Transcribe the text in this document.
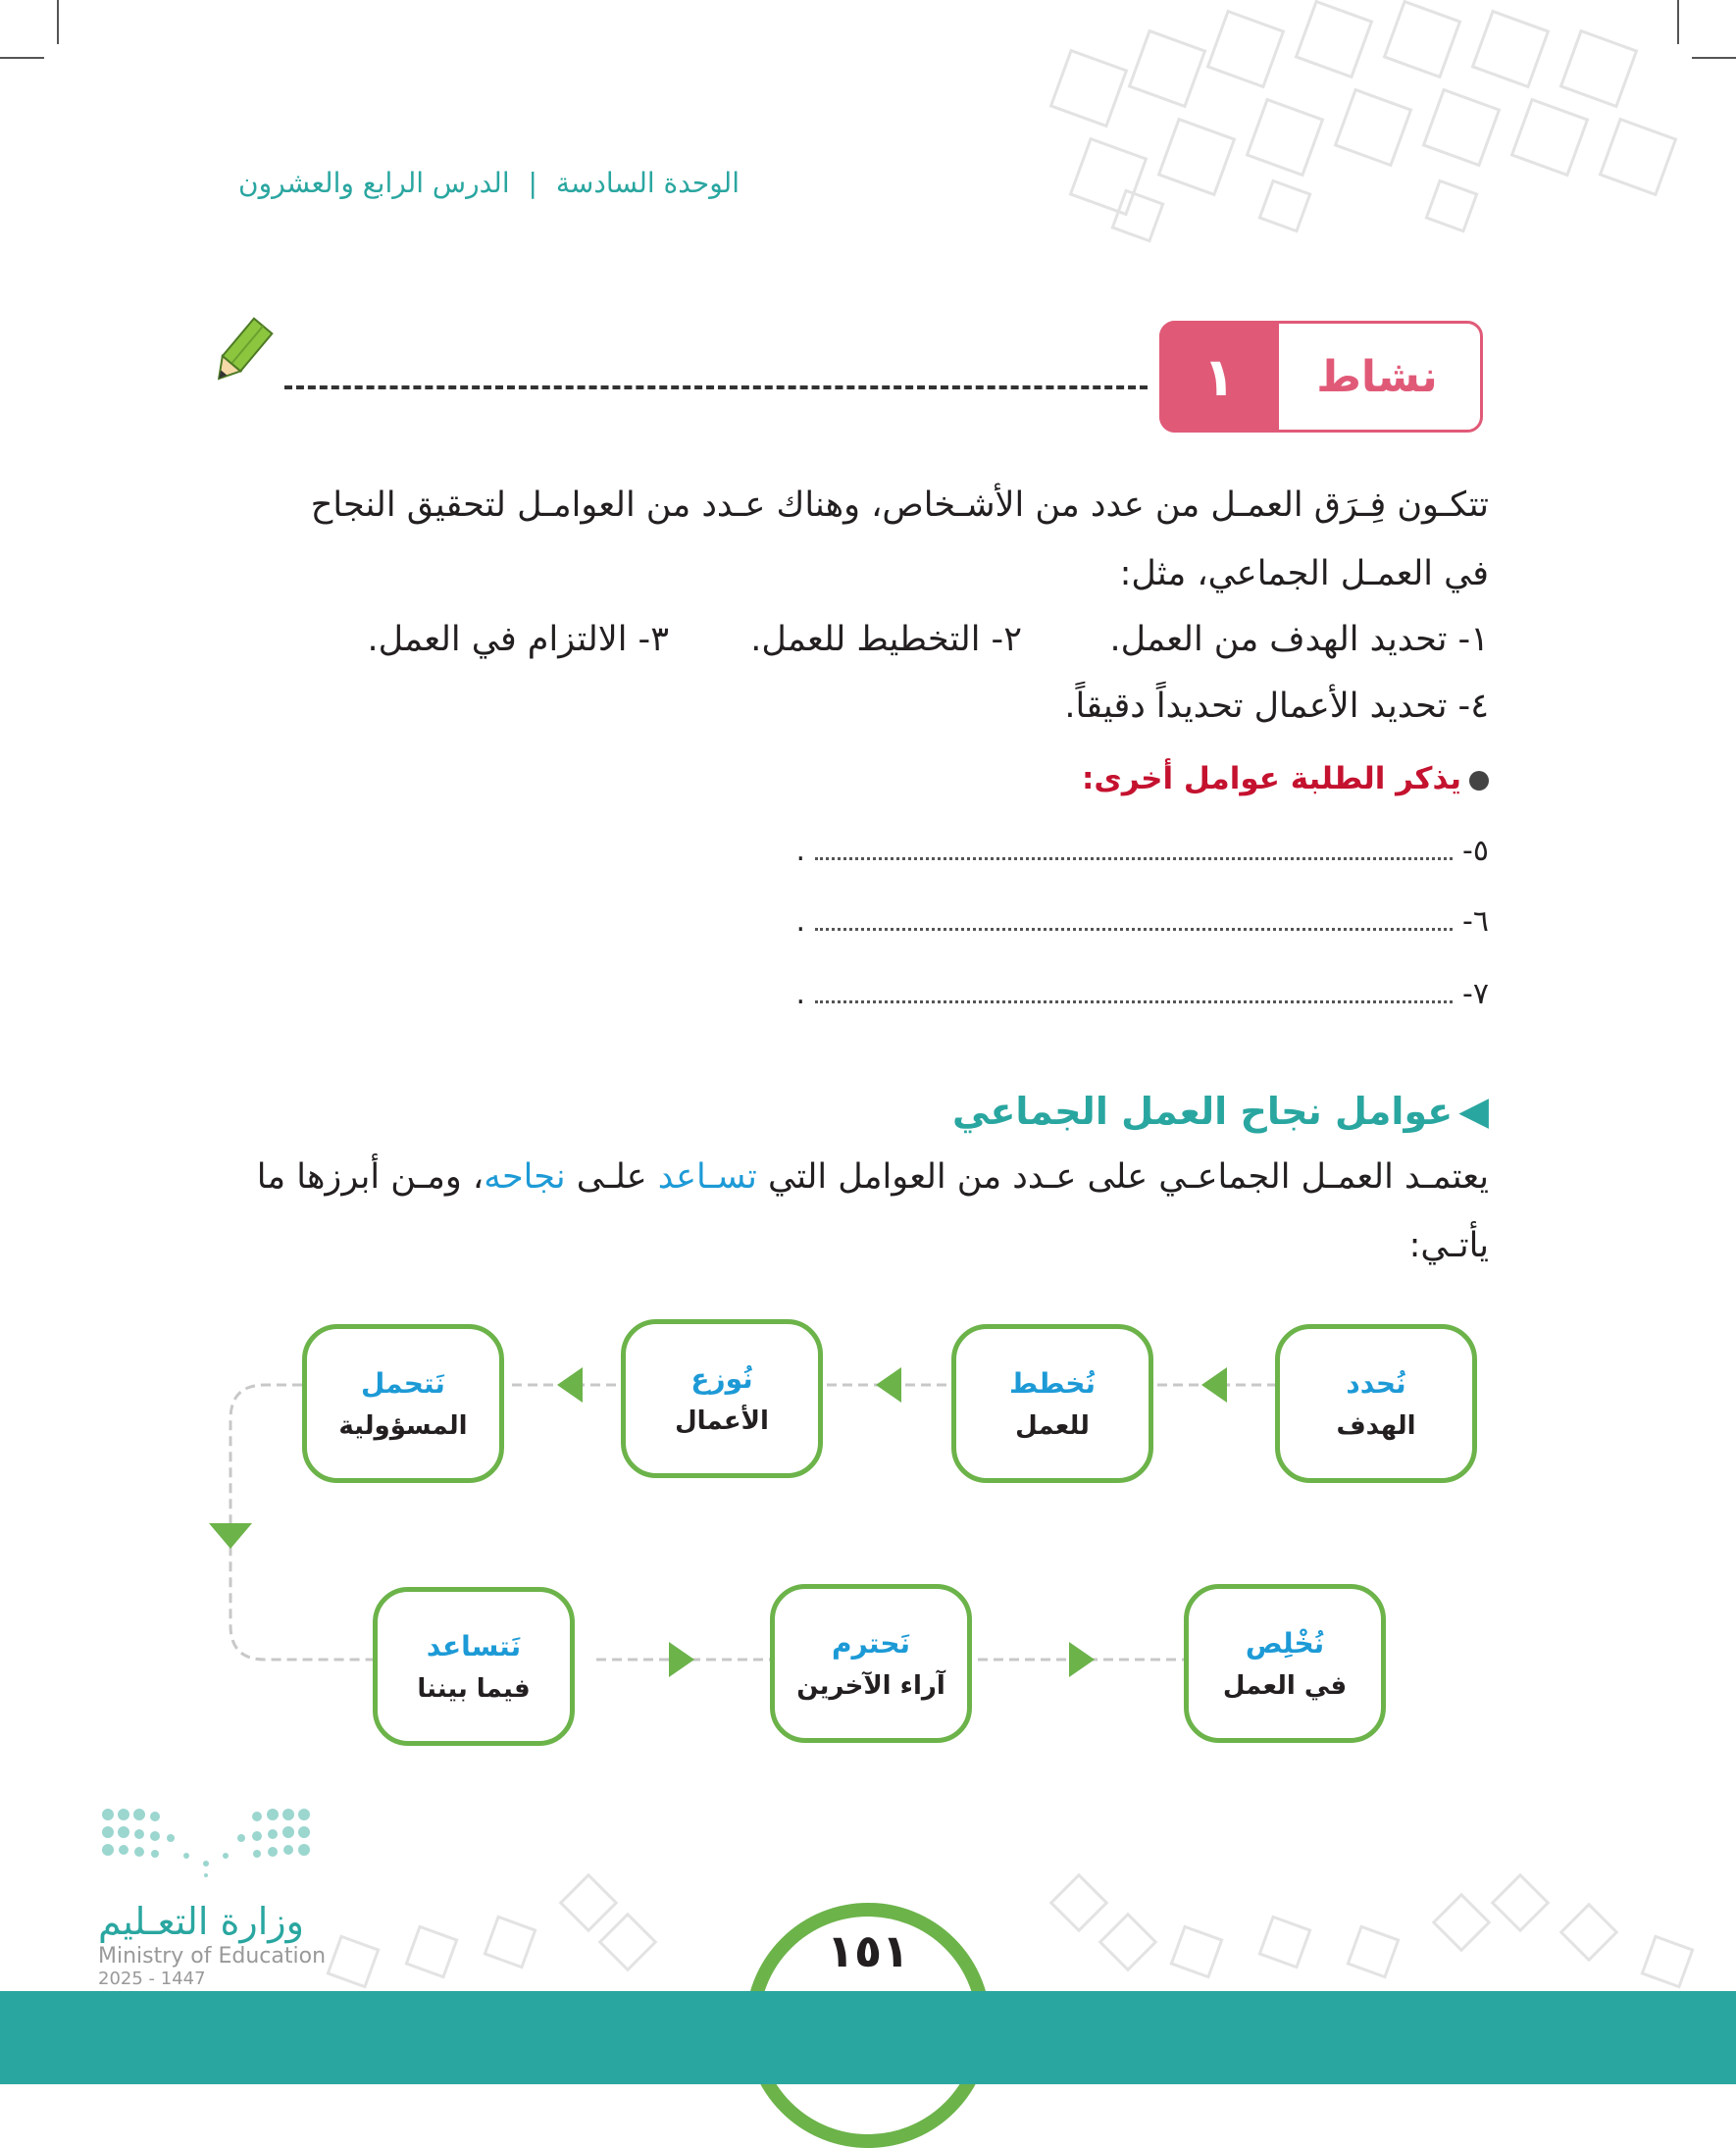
الوحدة السادسة | الدرس الرابع والعشرون
نشاط
١
تتكـون فِـرَق العمـل من عدد من الأشـخاص، وهناك عـدد من العوامـل لتحقيق النجاح
في العمـل الجماعي، مثل:
١- تحديد الهدف من العمل.
٢- التخطيط للعمل.
٣- الالتزام في العمل.
٤- تحديد الأعمال تحديداً دقيقاً.
يذكر الطلبة عوامل أخرى:
٥-.
٦-.
٧-.
◀عوامل نجاح العمل الجماعي
يعتمـد العمـل الجماعـي على عـدد من العوامل التي تسـاعد علـى نجاحه، ومـن أبرزها ما
يأتـي:
نُحدد
الهدف
نُخطط
للعمل
نُوزع
الأعمال
نَتحمل
المسؤولية
نَتساعد
فيما بيننا
نَحترم
آراء الآخرين
نُخْلِص
في العمل
١٥١
وزارة التعـليم
Ministry of Education
2025 - 1447
